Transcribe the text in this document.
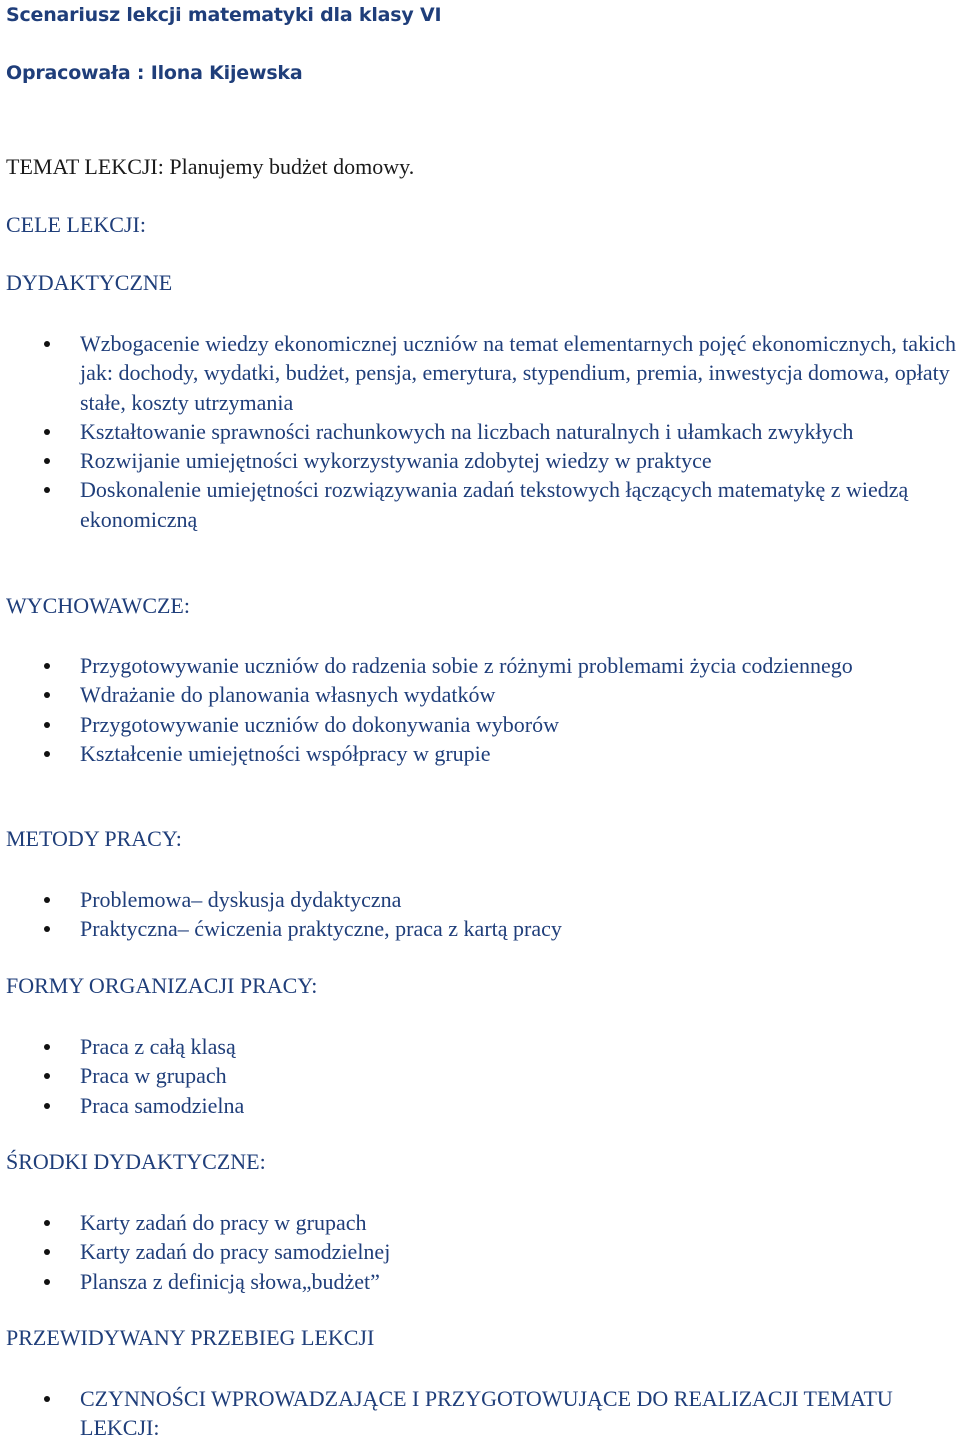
Scenariusz lekcji matematyki dla klasy VI

Opracowała : Ilona Kijewska

TEMAT LEKCJI: Planujemy budżet domowy.

CELE LEKCJI:

DYDAKTYCZNE

Wzbogacenie wiedzy ekonomicznej uczniów na temat elementarnych pojęć ekonomicznych, takich jak: dochody, wydatki, budżet, pensja, emerytura, stypendium, premia, inwestycja domowa, opłaty stałe, koszty utrzymania
Kształtowanie sprawności rachunkowych na liczbach naturalnych i ułamkach zwykłych
Rozwijanie umiejętności wykorzystywania zdobytej wiedzy w praktyce
Doskonalenie umiejętności rozwiązywania zadań tekstowych łączących matematykę z wiedzą ekonomiczną

WYCHOWAWCZE:

Przygotowywanie uczniów do radzenia sobie z różnymi problemami życia codziennego
Wdrażanie do planowania własnych wydatków
Przygotowywanie uczniów do dokonywania wyborów
Kształcenie umiejętności współpracy w grupie

METODY PRACY:

Problemowa– dyskusja dydaktyczna
Praktyczna– ćwiczenia praktyczne, praca z kartą pracy

FORMY ORGANIZACJI PRACY:

Praca z całą klasą
Praca w grupach
Praca samodzielna

ŚRODKI DYDAKTYCZNE:

Karty zadań do pracy w grupach
Karty zadań do pracy samodzielnej
Plansza z definicją słowa„budżet”

PRZEWIDYWANY PRZEBIEG LEKCJI

CZYNNOŚCI WPROWADZAJĄCE I PRZYGOTOWUJĄCE DO REALIZACJI TEMATU LEKCJI:
